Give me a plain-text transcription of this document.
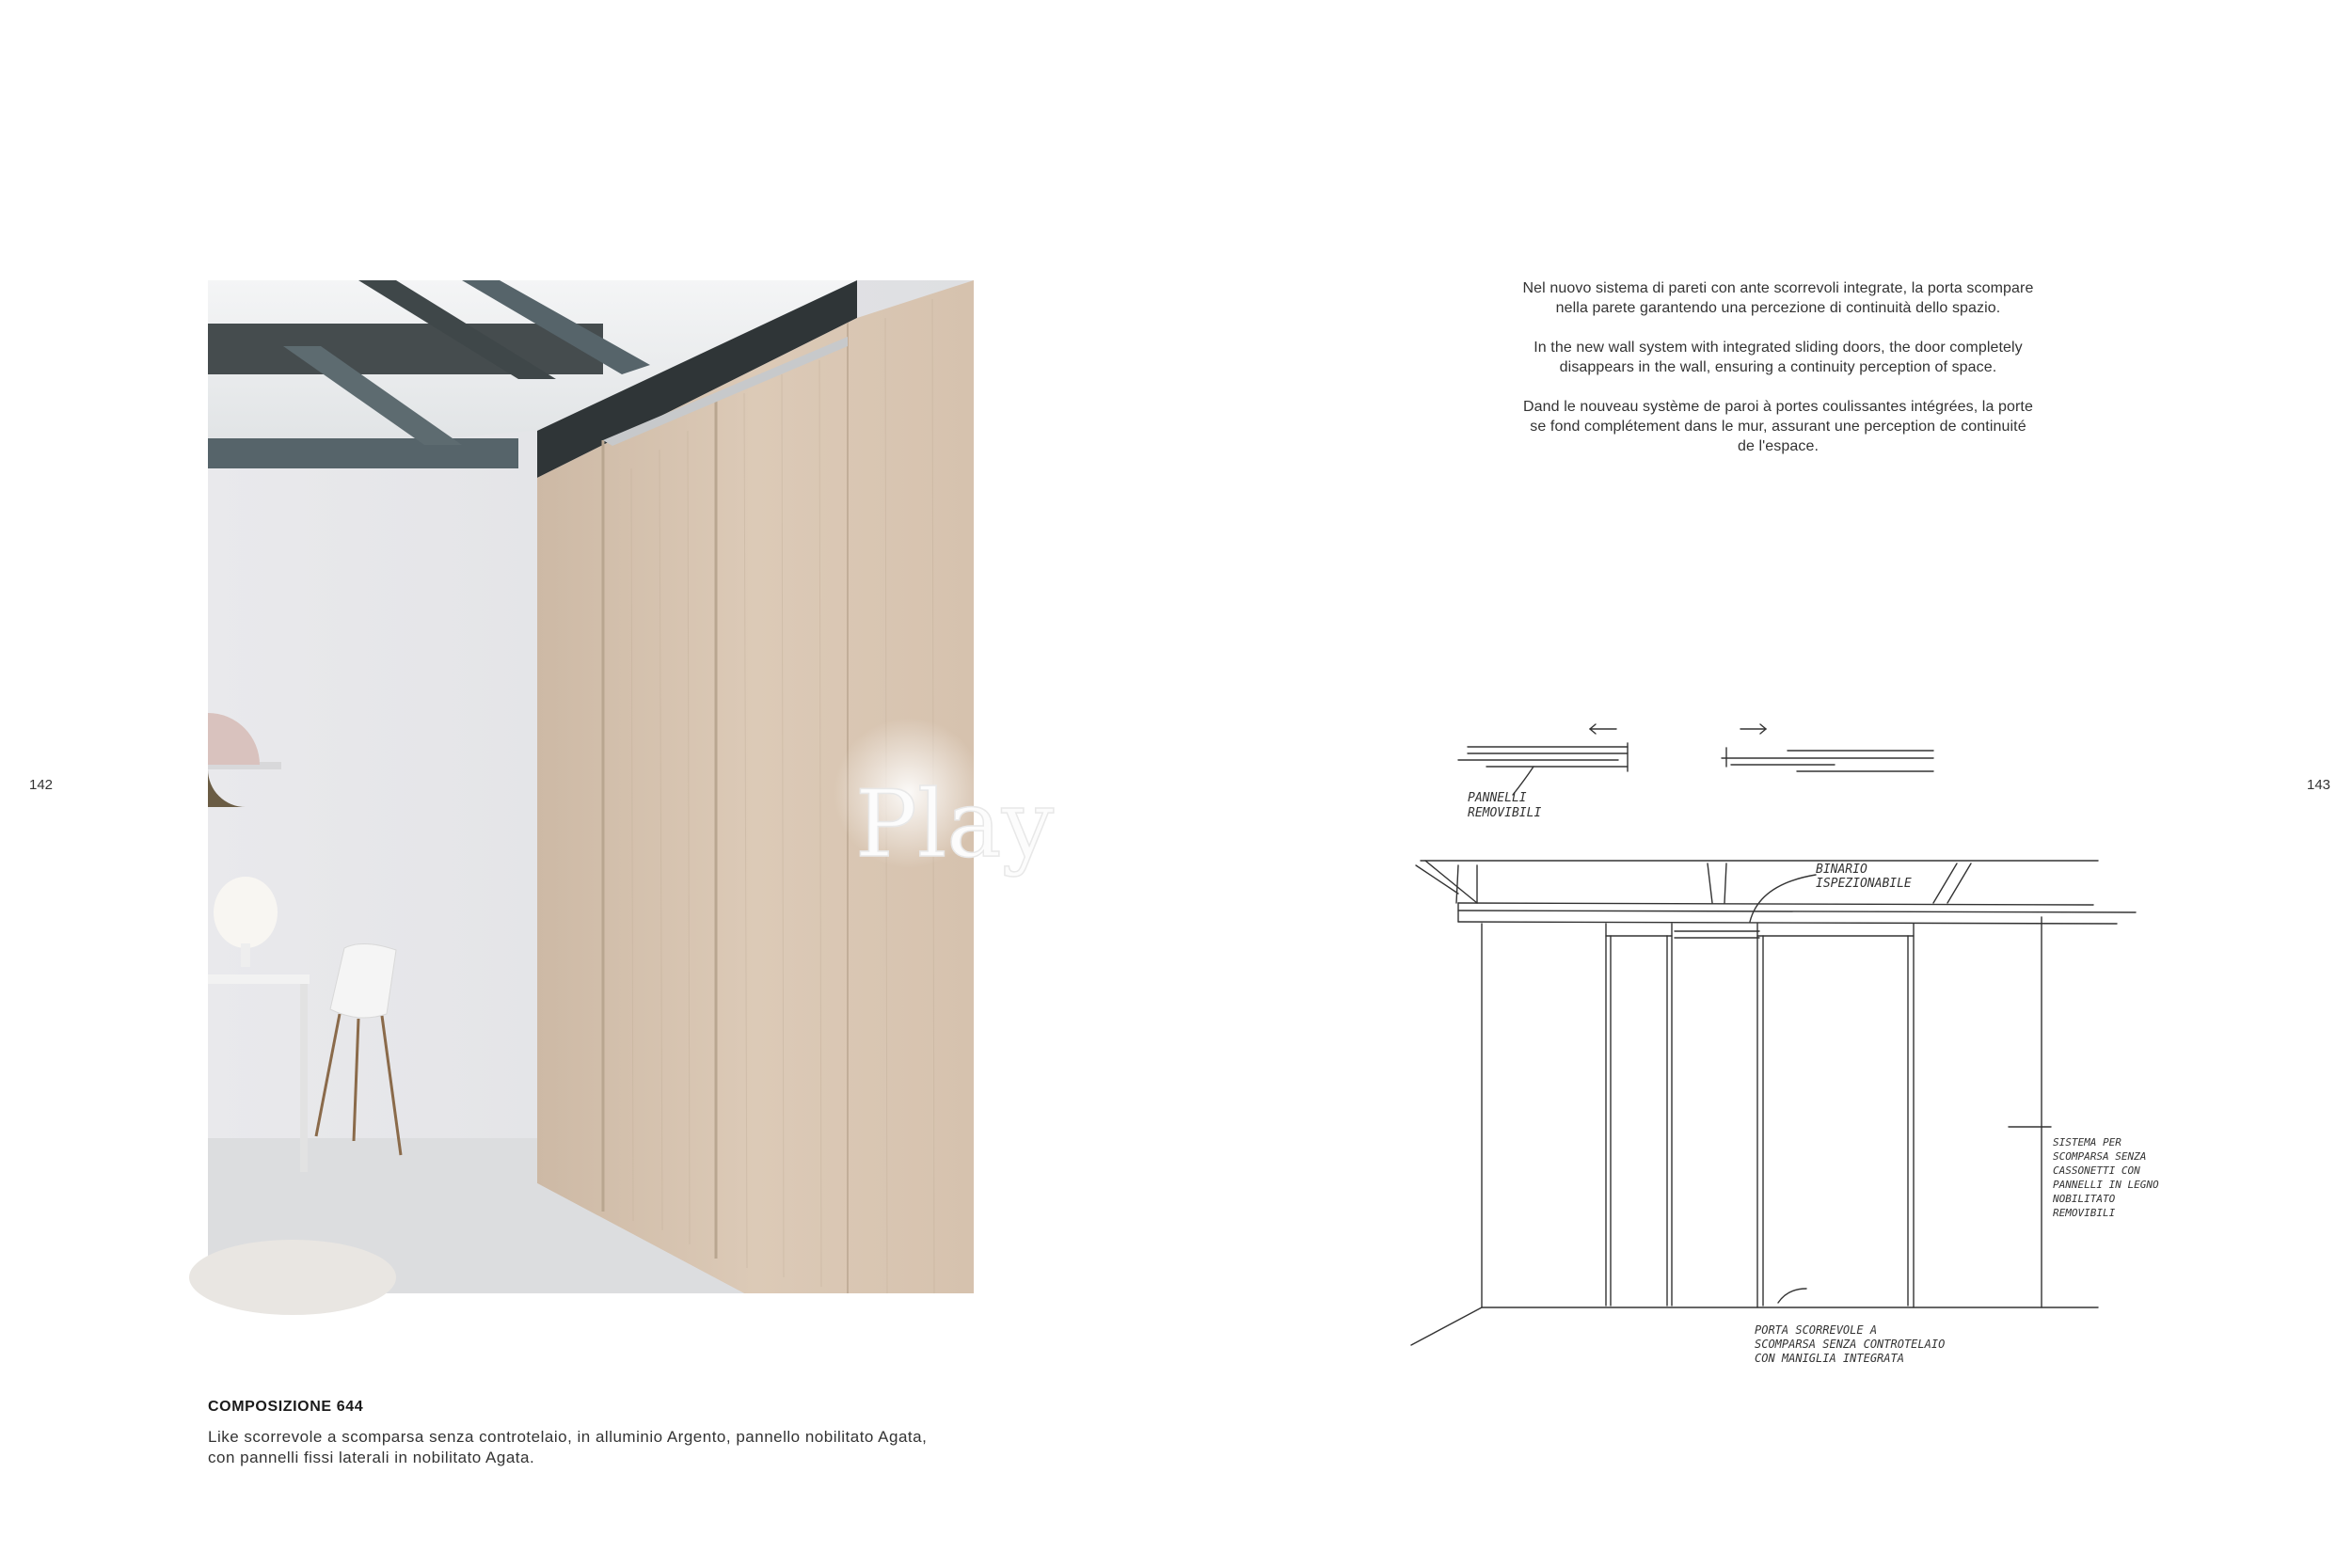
142	143
Play
COMPOSIZIONE 644
Like scorrevole a scomparsa senza controtelaio, in alluminio Argento, pannello nobilitato Agata,
con pannelli fissi laterali in nobilitato Agata.

Nel nuovo sistema di pareti con ante scorrevoli integrate, la porta scompare
nella parete garantendo una percezione di continuità dello spazio.

In the new wall system with integrated sliding doors, the door completely
disappears in the wall, ensuring a continuity perception of space.

Dand le nouveau système de paroi à portes coulissantes intégrées, la porte
se fond complétement dans le mur, assurant une perception de continuité
de l'espace.

PANNELLI
REMOVIBILI
BINARIO
ISPEZIONABILE
SISTEMA PER
SCOMPARSA SENZA
CASSONETTI CON
PANNELLI IN LEGNO
NOBILITATO
REMOVIBILI
PORTA SCORREVOLE A
SCOMPARSA SENZA CONTROTELAIO
CON MANIGLIA INTEGRATA
